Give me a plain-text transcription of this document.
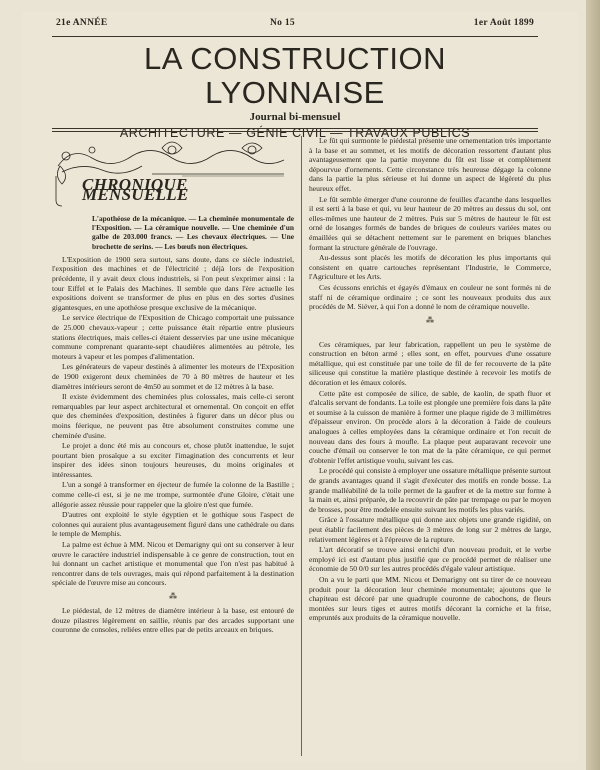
21e ANNÉE	No 15	1er Août 1899
LA CONSTRUCTION LYONNAISE
Journal bi-mensuel
ARCHITECTURE — GÉNIE CIVIL — TRAVAUX PUBLICS
CHRONIQUE MENSUELLE
L'apothéose de la mécanique. — La cheminée monumentale de l'Exposition. — La céramique nouvelle. — Une cheminée d'un galbe de 203.000 francs. — Les chevaux électriques. — Une brochette de serins. — Les bœufs non électriques.

L'Exposition de 1900 sera surtout, sans doute, dans ce siècle industriel, l'exposition des machines et de l'électricité ; déjà lors de l'exposition précédente, il y avait deux clous industriels, si l'on peut s'exprimer ainsi : la tour Eiffel et le Palais des Machines. Il semble que dans l'ère actuelle les expositions doivent se transformer de plus en plus en des sortes d'usines gigantesques, en une apothéose presque exclusive de la mécanique.

Le service électrique de l'Exposition de Chicago comportait une puissance de 25.000 chevaux-vapeur ; cette puissance était répartie entre plusieurs stations électriques, mais celles-ci étaient desservies par une usine mécanique commune comprenant quarante-sept chaudières alimentées au pétrole, les moteurs à vapeur et les pompes d'alimentation.

Les générateurs de vapeur destinés à alimenter les moteurs de l'Exposition de 1900 exigeront deux cheminées de 70 à 80 mètres de hauteur et les diamètres intérieurs seront de 4m50 au sommet et de 12 mètres à la base.

Il existe évidemment des cheminées plus colossales, mais celle-ci seront remarquables par leur aspect architectural et ornemental. On conçoit en effet que des cheminées d'exposition, destinées à figurer dans un décor plus ou moins féerique, ne peuvent pas être absolument construites comme une cheminée d'usine.

Le projet a donc été mis au concours et, chose plutôt inattendue, le sujet pourtant bien prosaïque a su exciter l'imagination des concurrents et leur inspirer des idées sinon toujours heureuses, du moins originales et intéressantes.

L'un a songé à transformer en éjecteur de fumée la colonne de la Bastille ; comme celle-ci est, si je ne me trompe, surmontée d'une Gloire, c'était une allégorie assez réussie pour rappeler que la gloire n'est que fumée.

D'autres ont exploité le style égyptien et le gothique sous l'aspect de colonnes qui auraient plus avantageusement figuré dans une cathédrale ou dans le temple de Memphis.

La palme est échue à MM. Nicou et Demarigny qui ont su conserver à leur œuvre le caractère industriel indispensable à ce genre de construction, tout en lui donnant un cachet artistique et monumental que l'on n'est pas habitué à rencontrer dans de tels ouvrages, mais qui répond parfaitement à la destination spéciale de l'œuvre mise au concours.

⁂

Le piédestal, de 12 mètres de diamètre intérieur à la base, est entouré de douze pilastres légèrement en saillie, réunis par des arcades supportant une couronne de consoles, reliées entre elles par de petits arceaux en briques.

Le fût qui surmonte le piédestal présente une ornementation très importante à la base et au sommet, et les motifs de décoration ressortent d'autant plus avantageusement que la partie moyenne du fût est lisse et complètement dépourvue d'ornements. Cette circonstance très heureuse dégage la colonne dans la partie la plus sérieuse et lui donne un aspect de légèreté du plus heureux effet.

Le fût semble émerger d'une couronne de feuilles d'acanthe dans lesquelles il est serti à la base et qui, vu leur hauteur de 20 mètres au dessus du sol, ont elles-mêmes une hauteur de 2 mètres. Puis sur 5 mètres de hauteur le fût est orné de losanges formés de bandes de briques de couleurs variées mates ou émaillées qui se détachent nettement sur le parement en briques blanches formant la structure générale de l'ouvrage.

Au-dessus sont placés les motifs de décoration les plus importants qui consistent en quatre cartouches représentant l'Industrie, le Commerce, l'Agriculture et les Arts.

Ces écussons enrichis et égayés d'émaux en couleur ne sont formés ni de staff ni de céramique ordinaire ; ce sont les nouveaux produits dus aux procédés de M. Siéver, à qui l'on a donné le nom de céramique nouvelle.

⁂

Ces céramiques, par leur fabrication, rappellent un peu le système de construction en béton armé ; elles sont, en effet, pourvues d'une ossature métallique, qui est constituée par une toile de fil de fer recouverte de la pâte siliceuse qui constitue la matière plastique destinée à recevoir les motifs de décoration et les émaux colorés.

Cette pâte est composée de silice, de sable, de kaolin, de spath fluor et d'alcalis servant de fondants. La toile est plongée une première fois dans la pâte et soumise à la cuisson de manière à former une plaque rigide de 3 millimètres d'épaisseur environ. On procède alors à la décoration à l'aide de couleurs analogues à celles employées dans la céramique ordinaire et l'on recuit de nouveau dans des fours à moufle. La plaque peut auparavant recevoir une couche d'émail ou conserver le ton mat de la pâte céramique, ce qui permet d'obtenir l'effet artistique voulu, suivant les cas.

Le procédé qui consiste à employer une ossature métallique présente surtout de grands avantages quand il s'agit d'exécuter des motifs en ronde bosse. La grande malléabilité de la toile permet de la gaufrer et de la mettre sur forme à la main et, ainsi préparée, de la recouvrir de pâte par trempage ou par le moyen de brosses, pour être modelée ensuite suivant les motifs les plus variés.

Grâce à l'ossature métallique qui donne aux objets une grande rigidité, on peut établir facilement des pièces de 3 mètres de long sur 2 mètres de large, relativement légères et à l'épreuve de la rupture.

L'art décoratif se trouve ainsi enrichi d'un nouveau produit, et le verbe employé ici est d'autant plus justifié que ce procédé permet de réaliser une économie de 50 0/0 sur les autres procédés d'égale valeur artistique.

On a vu le parti que MM. Nicou et Demarigny ont su tirer de ce nouveau produit pour la décoration leur cheminée monumentale; ajoutons que le chapiteau est décoré par une quadruple couronne de cabochons, de fleurs montées sur leurs tiges et autres motifs décorant la corniche et la frise, empruntés aux produits de la céramique nouvelle.
